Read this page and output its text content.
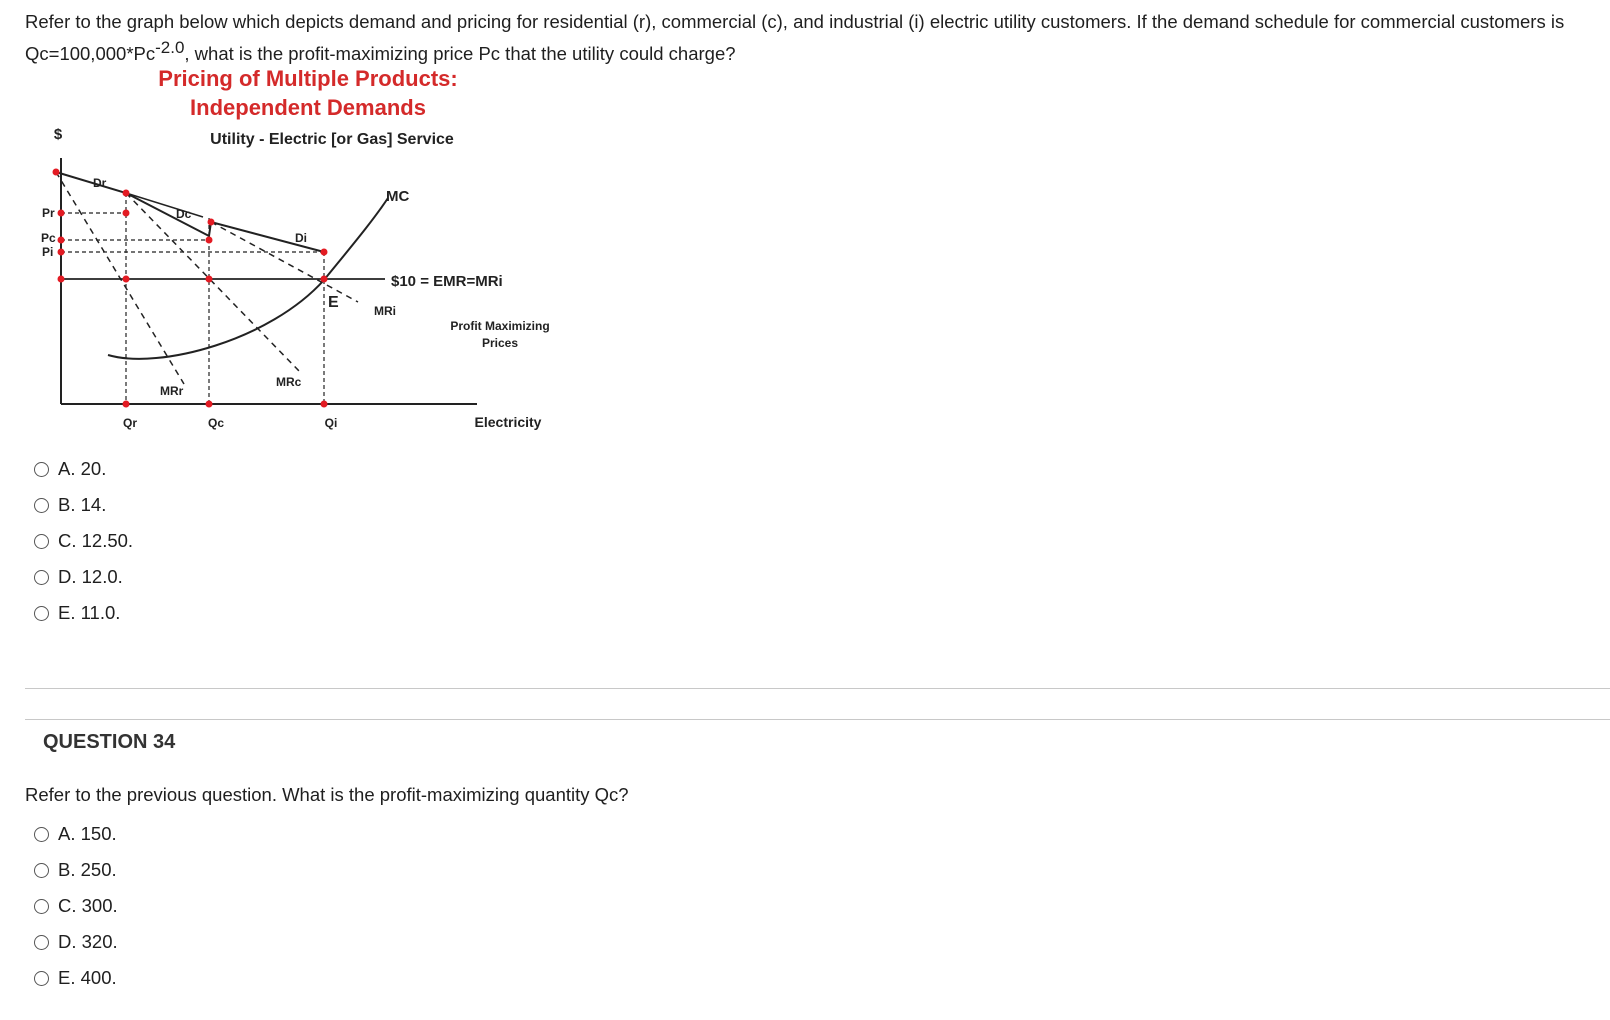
Refer to the graph below which depicts demand and pricing for residential (r), commercial (c), and industrial (i) electric utility customers. If the demand schedule for commercial customers is $Qc=100,000*Pc^{-2.0}$, what is the profit-maximizing price Pc that the utility could charge?
Pricing of Multiple Products:
Independent Demands
Utility - Electric [or Gas] Service
$
Pr
Pc
Pi
Dr
Dc
Di
MC
$10 = EMR=MRi
E	MRi
Profit Maximizing
Prices
MRc
MRr
Qr	Qc	Qi	Electricity
A.
20.
B.
14.
C.
12.50.
D.
12.0.
E.
11.0.
QUESTION 34
Refer to the previous question. What is the profit-maximizing quantity Qc?
A.
150.
B.
250.
C.
300.
D.
320.
E.
400.
